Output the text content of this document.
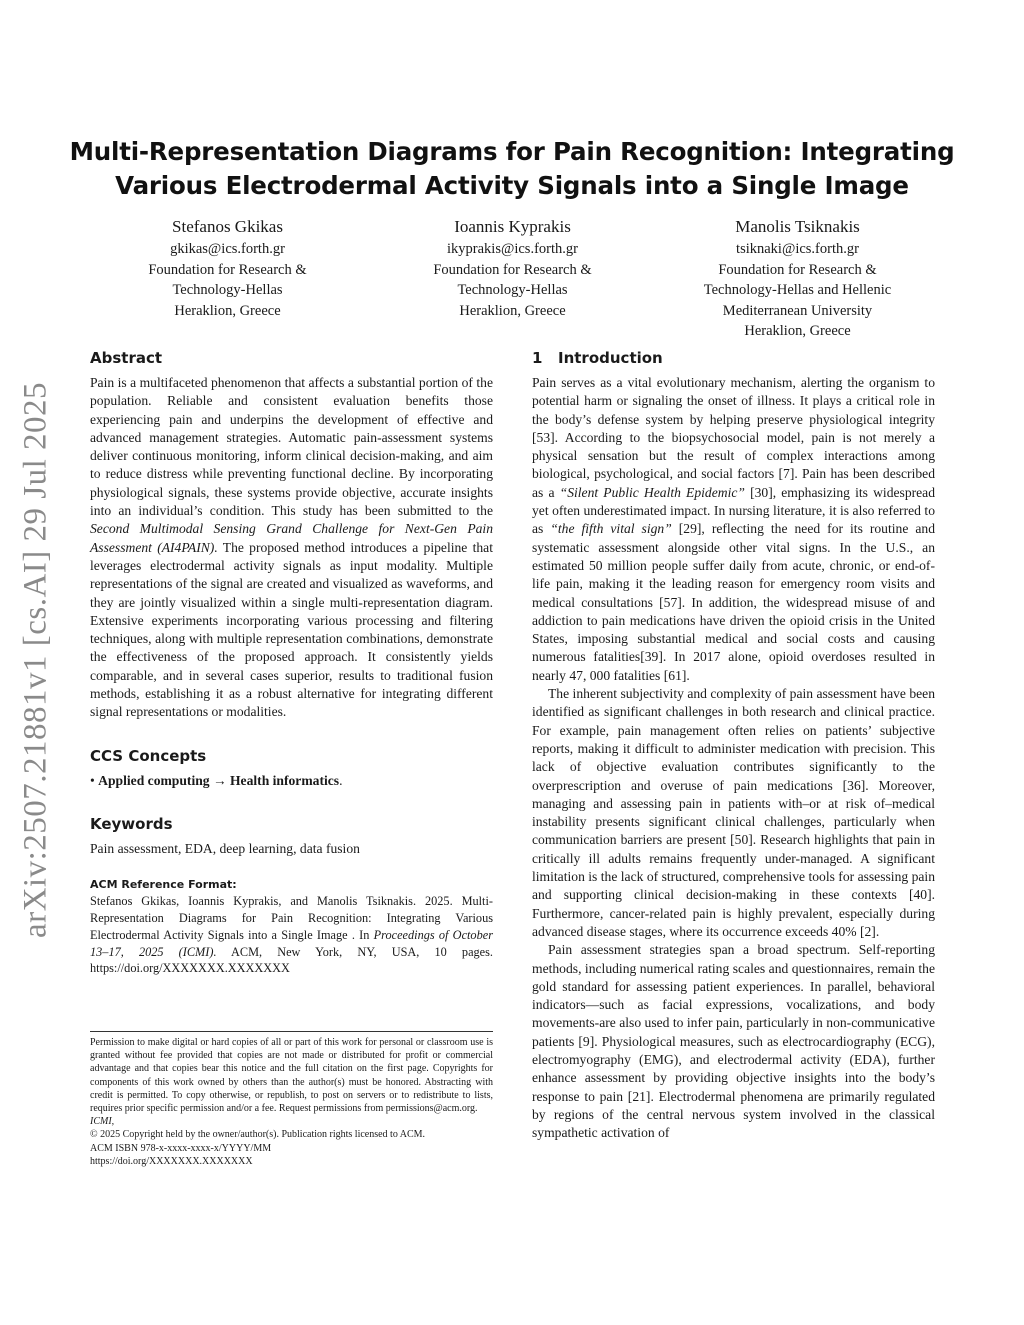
arXiv:2507.21881v1 [cs.AI] 29 Jul 2025
Multi-Representation Diagrams for Pain Recognition: Integrating
Various Electrodermal Activity Signals into a Single Image
Stefanos Gkikas
gkikas@ics.forth.gr
Foundation for Research &
Technology-Hellas
Heraklion, Greece
Ioannis Kyprakis
ikyprakis@ics.forth.gr
Foundation for Research &
Technology-Hellas
Heraklion, Greece
Manolis Tsiknakis
tsiknaki@ics.forth.gr
Foundation for Research &
Technology-Hellas and Hellenic
Mediterranean University
Heraklion, Greece
Abstract

Pain is a multifaceted phenomenon that affects a substantial portion of the population. Reliable and consistent evaluation benefits those experiencing pain and underpins the development of effective and advanced management strategies. Automatic pain-assessment systems deliver continuous monitoring, inform clinical decision-making, and aim to reduce distress while preventing functional decline. By incorporating physiological signals, these systems provide objective, accurate insights into an individual’s condition. This study has been submitted to the Second Multimodal Sensing Grand Challenge for Next-Gen Pain Assessment (AI4PAIN). The proposed method introduces a pipeline that leverages electrodermal activity signals as input modality. Multiple representations of the signal are created and visualized as waveforms, and they are jointly visualized within a single multi-representation diagram. Extensive experiments incorporating various processing and filtering techniques, along with multiple representation combinations, demonstrate the effectiveness of the proposed approach. It consistently yields comparable, and in several cases superior, results to traditional fusion methods, establishing it as a robust alternative for integrating different signal representations or modalities.

CCS Concepts
• Applied computing → Health informatics.
Keywords

Pain assessment, EDA, deep learning, data fusion

ACM Reference Format:
Stefanos Gkikas, Ioannis Kyprakis, and Manolis Tsiknakis. 2025. Multi-Representation Diagrams for Pain Recognition: Integrating Various Electrodermal Activity Signals into a Single Image . In Proceedings of October 13–17, 2025 (ICMI). ACM, New York, NY, USA, 10 pages. https://doi.org/XXXXXXX.XXXXXXX
Permission to make digital or hard copies of all or part of this work for personal or classroom use is granted without fee provided that copies are not made or distributed for profit or commercial advantage and that copies bear this notice and the full citation on the first page. Copyrights for components of this work owned by others than the author(s) must be honored. Abstracting with credit is permitted. To copy otherwise, or republish, to post on servers or to redistribute to lists, requires prior specific permission and/or a fee. Request permissions from permissions@acm.org.
ICMI,
© 2025 Copyright held by the owner/author(s). Publication rights licensed to ACM.
ACM ISBN 978-x-xxxx-xxxx-x/YYYY/MM
https://doi.org/XXXXXXX.XXXXXXX
1 Introduction

Pain serves as a vital evolutionary mechanism, alerting the organism to potential harm or signaling the onset of illness. It plays a critical role in the body’s defense system by helping preserve physiological integrity [53]. According to the biopsychosocial model, pain is not merely a physical sensation but the result of complex interactions among biological, psychological, and social factors [7]. Pain has been described as a “Silent Public Health Epidemic” [30], emphasizing its widespread yet often underestimated impact. In nursing literature, it is also referred to as “the fifth vital sign” [29], reflecting the need for its routine and systematic assessment alongside other vital signs. In the U.S., an estimated 50 million people suffer daily from acute, chronic, or end-of-life pain, making it the leading reason for emergency room visits and medical consultations [57]. In addition, the widespread misuse of and addiction to pain medications have driven the opioid crisis in the United States, imposing substantial medical and social costs and causing numerous fatalities[39]. In 2017 alone, opioid overdoses resulted in nearly 47, 000 fatalities [61].

The inherent subjectivity and complexity of pain assessment have been identified as significant challenges in both research and clinical practice. For example, pain management often relies on patients’ subjective reports, making it difficult to administer medication with precision. This lack of objective evaluation contributes significantly to the overprescription and overuse of pain medications [36]. Moreover, managing and assessing pain in patients with–or at risk of–medical instability presents significant clinical challenges, particularly when communication barriers are present [50]. Research highlights that pain in critically ill adults remains frequently under-managed. A significant limitation is the lack of structured, comprehensive tools for assessing pain and supporting clinical decision-making in these contexts [40]. Furthermore, cancer-related pain is highly prevalent, especially during advanced disease stages, where its occurrence exceeds 40% [2].

Pain assessment strategies span a broad spectrum. Self-reporting methods, including numerical rating scales and questionnaires, remain the gold standard for assessing patient experiences. In parallel, behavioral indicators—such as facial expressions, vocalizations, and body movements-are also used to infer pain, particularly in non-communicative patients [9]. Physiological measures, such as electrocardiography (ECG), electromyography (EMG), and electrodermal activity (EDA), further enhance assessment by providing objective insights into the body’s response to pain [21]. Electrodermal phenomena are primarily regulated by regions of the central nervous system involved in the classical sympathetic activation of
